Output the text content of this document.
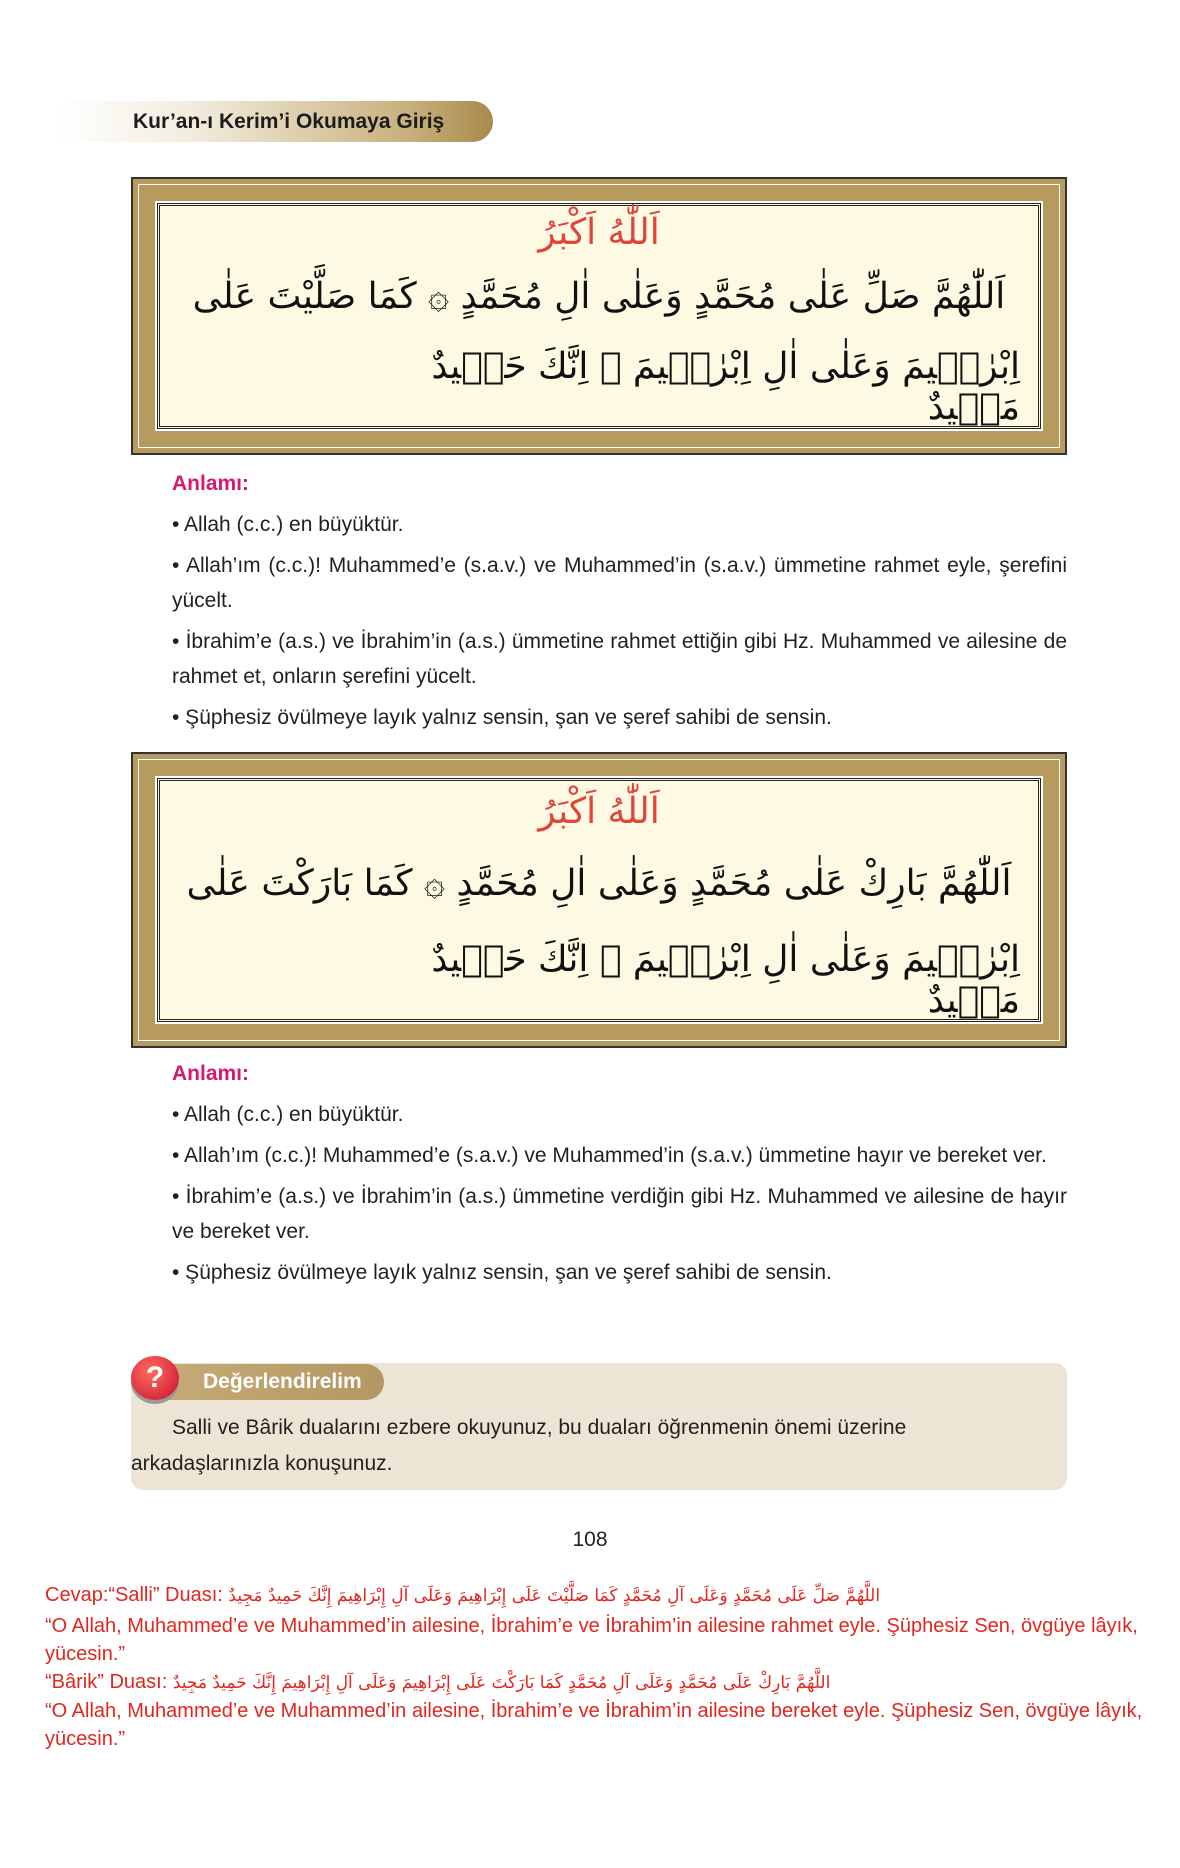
Kur’an-ı Kerim’i Okumaya Giriş
اَللّٰهُ اَكْبَرُ
اَللّٰهُمَّ صَلِّ عَلٰى مُحَمَّدٍ وَعَلٰى اٰلِ مُحَمَّدٍ ۞ كَمَا صَلَّيْتَ عَلٰى
اِبْرٰهٖيمَ وَعَلٰى اٰلِ اِبْرٰهٖيمَ ۞ اِنَّكَ حَمٖيدٌ مَجٖيدٌ
Anlamı:
• Allah (c.c.) en büyüktür.
• Allah’ım (c.c.)! Muhammed’e (s.a.v.) ve Muhammed’in (s.a.v.) ümmetine rahmet eyle, şerefini yücelt.
• İbrahim’e (a.s.) ve İbrahim’in (a.s.) ümmetine rahmet ettiğin gibi Hz. Muhammed ve ailesine de rahmet et, onların şerefini yücelt.
• Şüphesiz övülmeye layık yalnız sensin, şan ve şeref sahibi de sensin.
اَللّٰهُ اَكْبَرُ
اَللّٰهُمَّ بَارِكْ عَلٰى مُحَمَّدٍ وَعَلٰى اٰلِ مُحَمَّدٍ ۞ كَمَا بَارَكْتَ عَلٰى
اِبْرٰهٖيمَ وَعَلٰى اٰلِ اِبْرٰهٖيمَ ۞ اِنَّكَ حَمٖيدٌ مَجٖيدٌ
Anlamı:
• Allah (c.c.) en büyüktür.
• Allah’ım (c.c.)! Muhammed’e (s.a.v.) ve Muhammed’in (s.a.v.) ümmetine hayır ve bereket ver.
• İbrahim’e (a.s.) ve İbrahim’in (a.s.) ümmetine verdiğin gibi Hz. Muhammed ve ailesine de hayır ve bereket ver.
• Şüphesiz övülmeye layık yalnız sensin, şan ve şeref sahibi de sensin.
Değerlendirelim
?
Salli ve Bârik dualarını ezbere okuyunuz, bu duaları öğrenmenin önemi üzerine arkadaşlarınızla konuşunuz.
108
Cevap:“Salli” Duası: اللَّهُمَّ صَلِّ عَلَى مُحَمَّدٍ وَعَلَى آلِ مُحَمَّدٍ كَمَا صَلَّيْتَ عَلَى إِبْرَاهِيمَ وَعَلَى آلِ إِبْرَاهِيمَ إِنَّكَ حَمِيدٌ مَجِيدٌ
“O Allah, Muhammed’e ve Muhammed’in ailesine, İbrahim’e ve İbrahim’in ailesine rahmet eyle. Şüphesiz Sen, övgüye lâyık, yücesin.”
“Bârik” Duası: اللَّهُمَّ بَارِكْ عَلَى مُحَمَّدٍ وَعَلَى آلِ مُحَمَّدٍ كَمَا بَارَكْتَ عَلَى إِبْرَاهِيمَ وَعَلَى آلِ إِبْرَاهِيمَ إِنَّكَ حَمِيدٌ مَجِيدٌ
“O Allah, Muhammed’e ve Muhammed’in ailesine, İbrahim’e ve İbrahim’in ailesine bereket eyle. Şüphesiz Sen, övgüye lâyık, yücesin.”
